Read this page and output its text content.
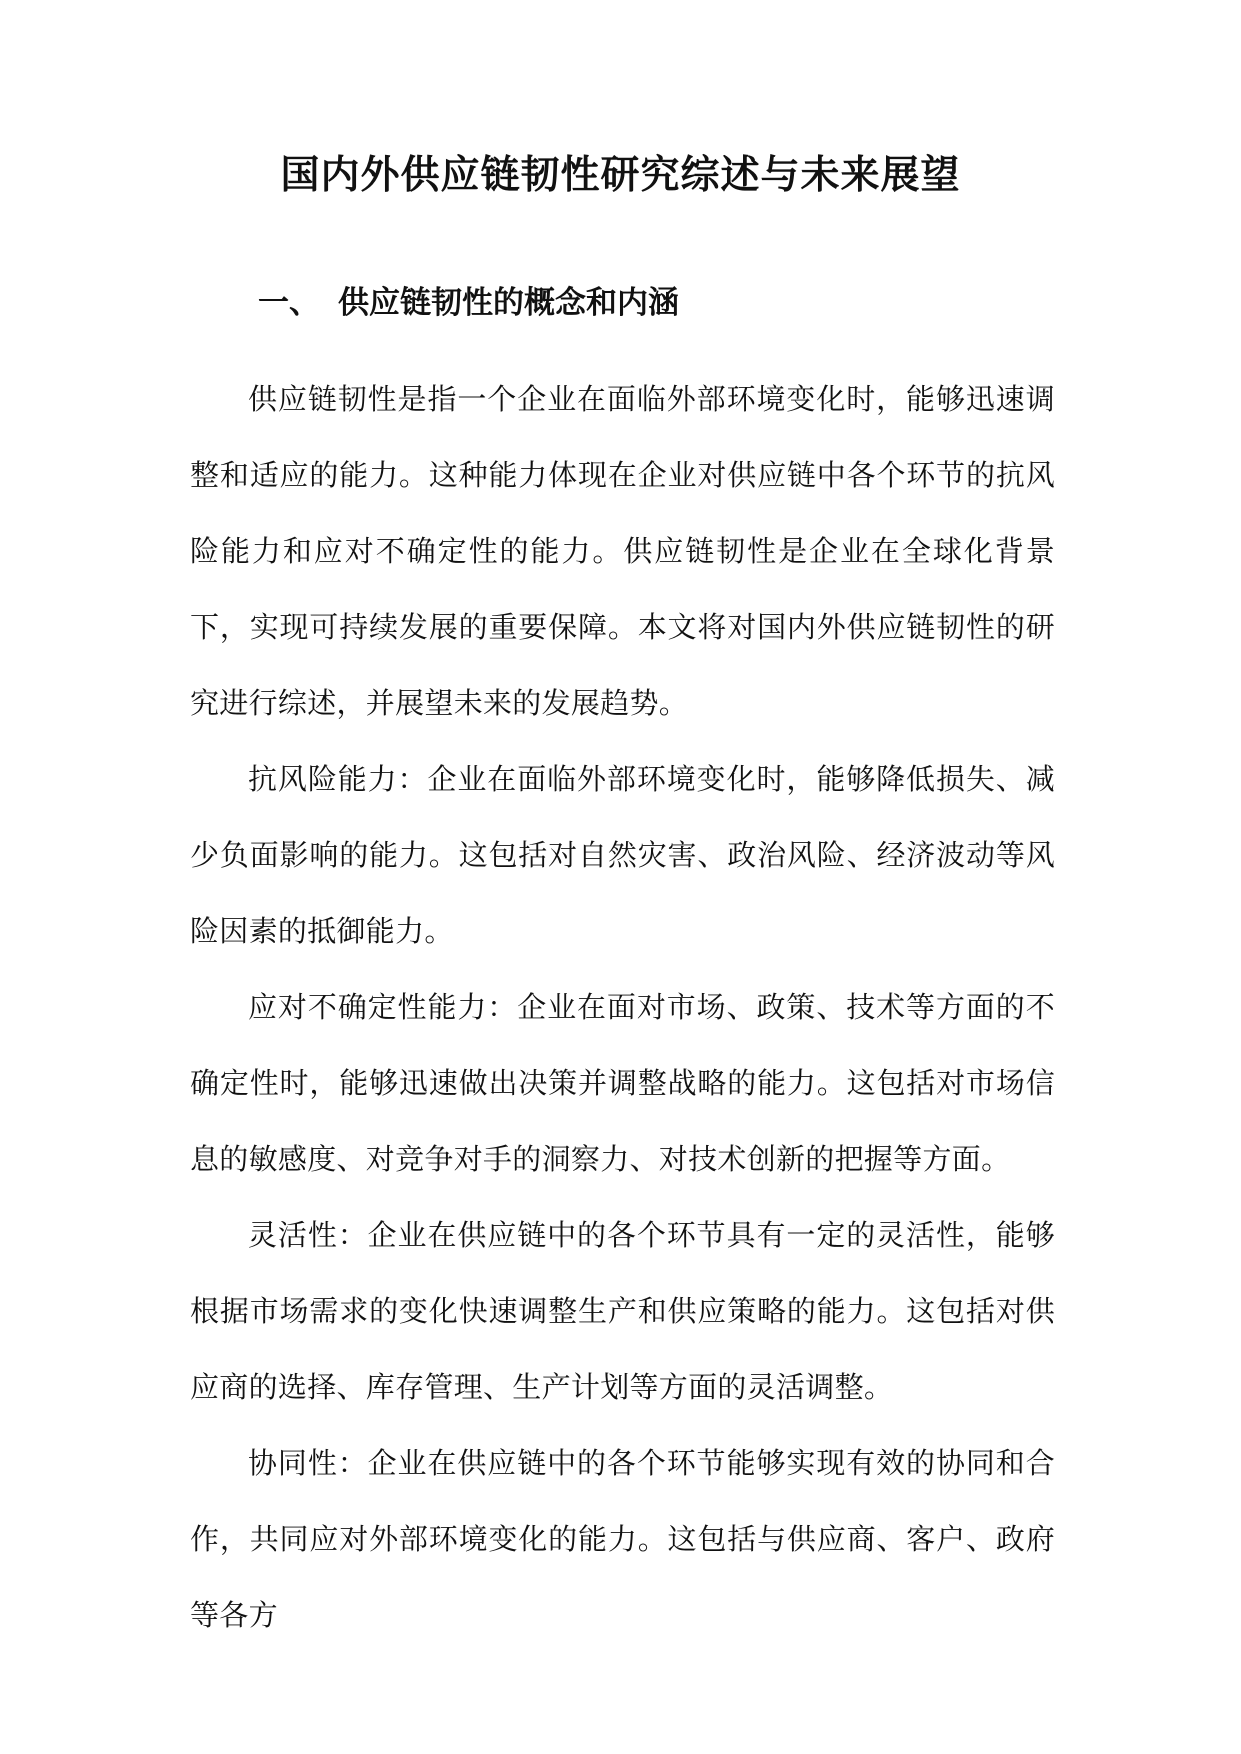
国内外供应链韧性研究综述与未来展望
一、 供应链韧性的概念和内涵

供应链韧性是指一个企业在面临外部环境变化时，能够迅速调整和适应的能力。这种能力体现在企业对供应链中各个环节的抗风险能力和应对不确定性的能力。供应链韧性是企业在全球化背景下，实现可持续发展的重要保障。本文将对国内外供应链韧性的研究进行综述，并展望未来的发展趋势。

抗风险能力：企业在面临外部环境变化时，能够降低损失、减少负面影响的能力。这包括对自然灾害、政治风险、经济波动等风险因素的抵御能力。

应对不确定性能力：企业在面对市场、政策、技术等方面的不确定性时，能够迅速做出决策并调整战略的能力。这包括对市场信息的敏感度、对竞争对手的洞察力、对技术创新的把握等方面。

灵活性：企业在供应链中的各个环节具有一定的灵活性，能够根据市场需求的变化快速调整生产和供应策略的能力。这包括对供应商的选择、库存管理、生产计划等方面的灵活调整。

协同性：企业在供应链中的各个环节能够实现有效的协同和合作，共同应对外部环境变化的能力。这包括与供应商、客户、政府等各方
